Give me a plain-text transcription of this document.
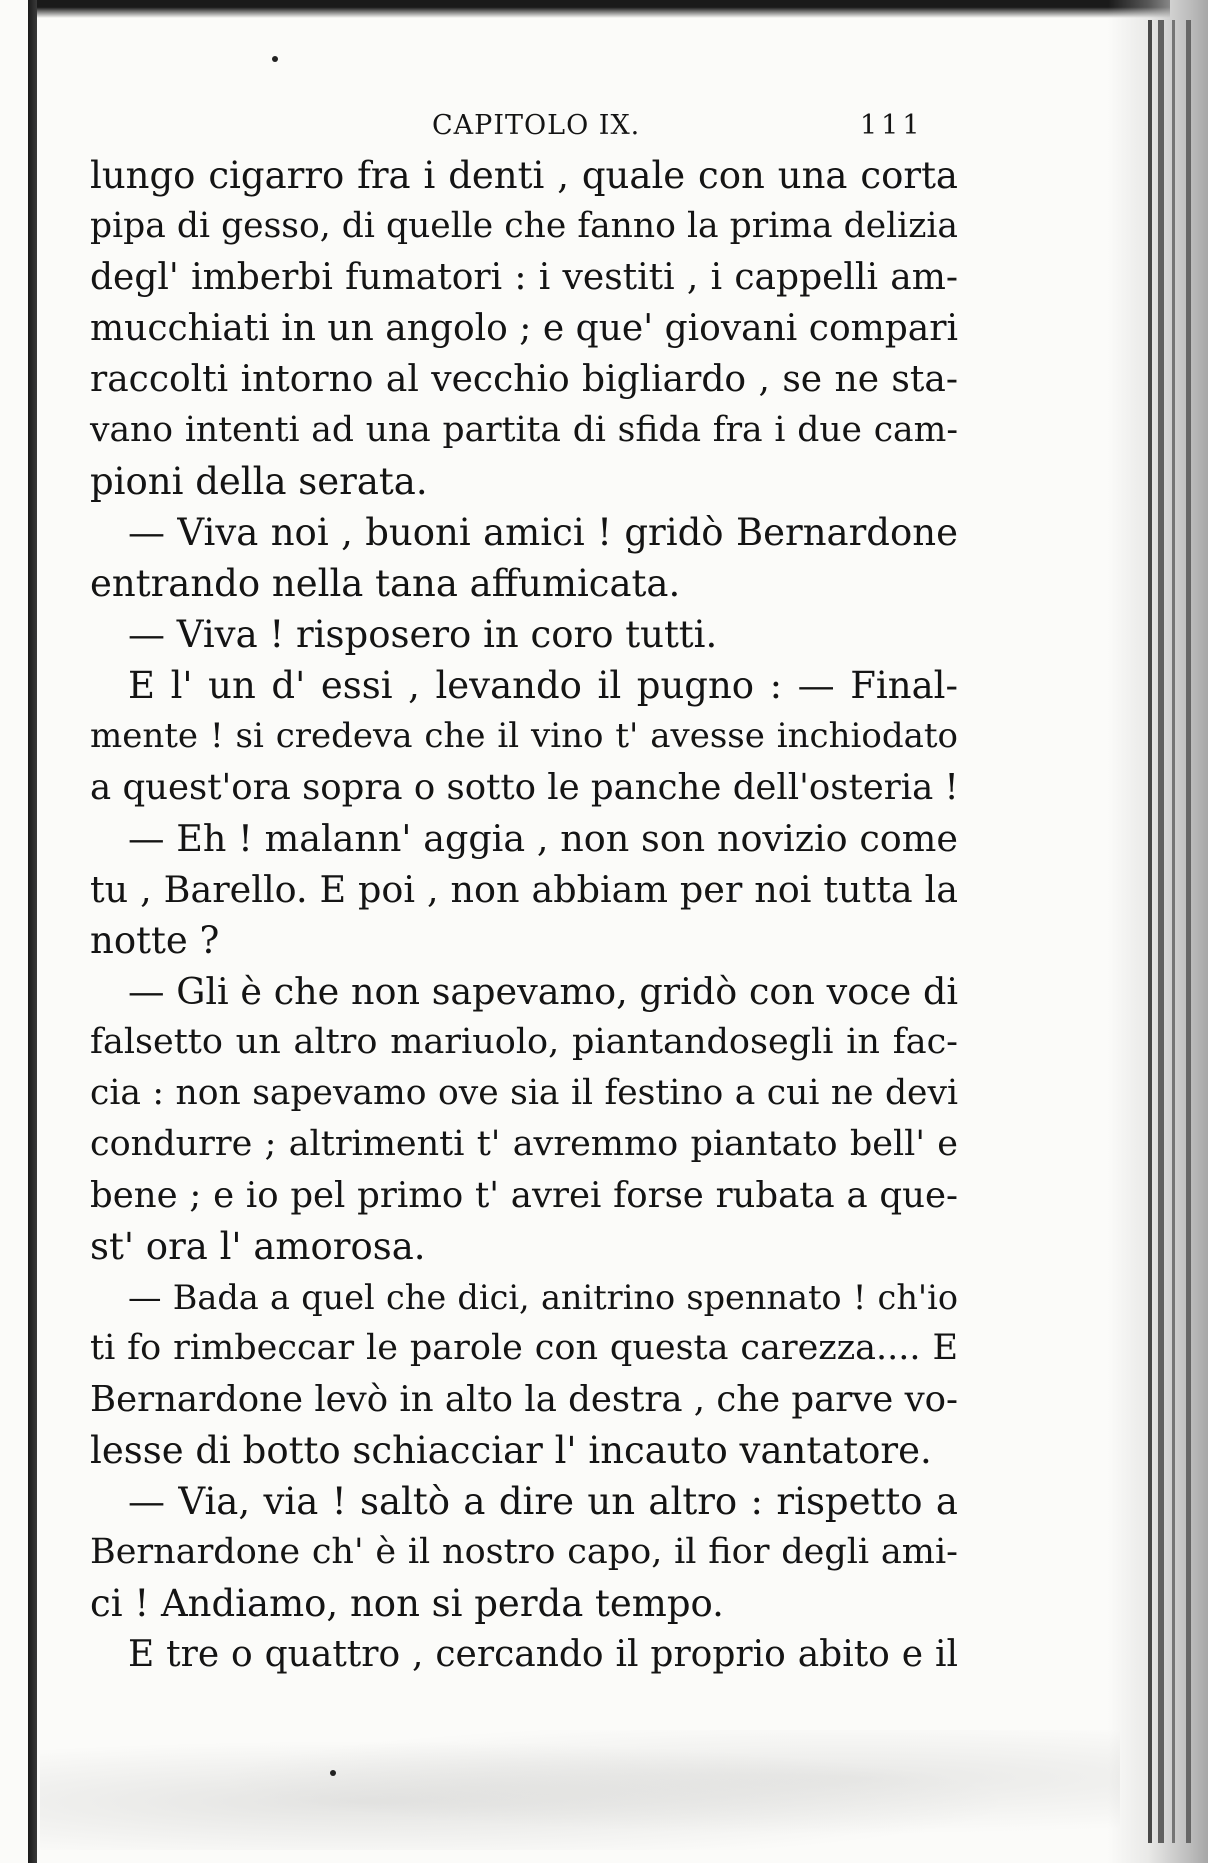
CAPITOLO IX.	111
lungo cigarro fra i denti , quale con una corta
pipa di gesso, di quelle che fanno la prima delizia
degl' imberbi fumatori : i vestiti , i cappelli am-
mucchiati in un angolo ; e que' giovani compari
raccolti intorno al vecchio bigliardo , se ne sta-
vano intenti ad una partita di sfida fra i due cam-
pioni della serata.
— Viva noi , buoni amici ! gridò Bernardone
entrando nella tana affumicata.
— Viva ! risposero in coro tutti.
E l' un d' essi , levando il pugno : — Final-
mente ! si credeva che il vino t' avesse inchiodato
a quest'ora sopra o sotto le panche dell'osteria !
— Eh ! malann' aggia , non son novizio come
tu , Barello. E poi , non abbiam per noi tutta la
notte ?
— Gli è che non sapevamo, gridò con voce di
falsetto un altro mariuolo, piantandosegli in fac-
cia : non sapevamo ove sia il festino a cui ne devi
condurre ; altrimenti t' avremmo piantato bell' e
bene ; e io pel primo t' avrei forse rubata a que-
st' ora l' amorosa.
— Bada a quel che dici, anitrino spennato ! ch'io
ti fo rimbeccar le parole con questa carezza.... E
Bernardone levò in alto la destra , che parve vo-
lesse di botto schiacciar l' incauto vantatore.
— Via, via ! saltò a dire un altro : rispetto a
Bernardone ch' è il nostro capo, il fior degli ami-
ci ! Andiamo, non si perda tempo.
E tre o quattro , cercando il proprio abito e il
